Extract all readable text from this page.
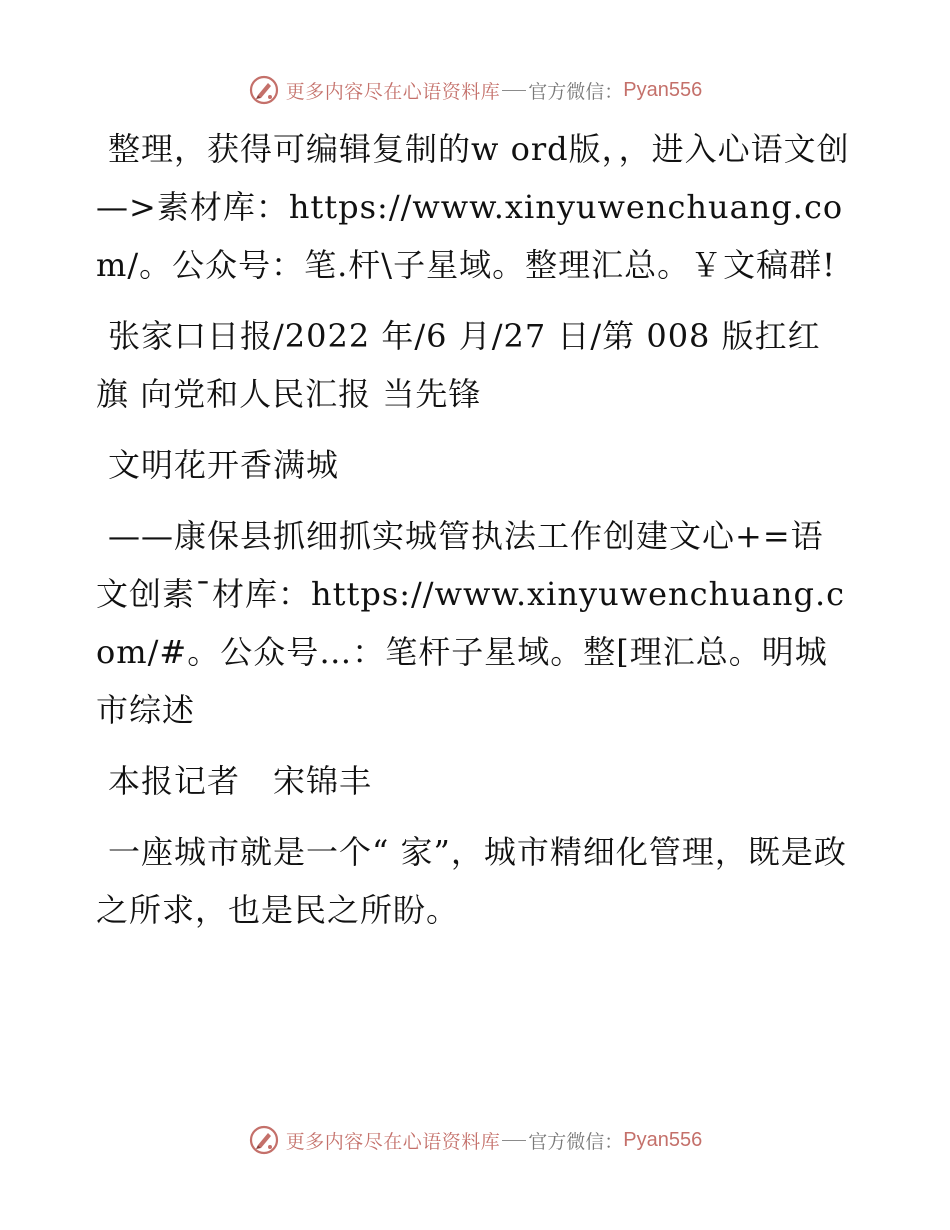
更多内容尽在心语资料库 官方微信： Pyan556

整理，获得可编辑复制的w ord版，，进入心语文创—>素材库：https://www.xinyuwenchuang.com/。公众号：笔.杆\子星域。整理汇总。￥文稿群!

张家口日报/2022 年/6 月/27 日/第 008 版扛红旗 向党和人民汇报 当先锋

文明花开香满城

——康保县抓细抓实城管执法工作创建文心+=语文创素¯材库：https://www.xinyuwenchuang.com/#。公众号…：笔杆子星域。整[理汇总。明城市综述

本报记者　宋锦丰

一座城市就是一个“ 家”，城市精细化管理，既是政之所求，也是民之所盼。

更多内容尽在心语资料库 官方微信： Pyan556
